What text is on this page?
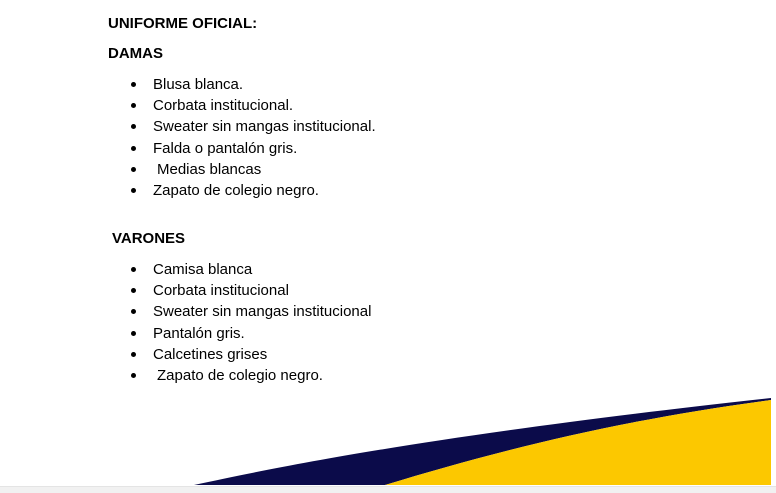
UNIFORME OFICIAL:
DAMAS
Blusa blanca.
Corbata institucional.
Sweater sin mangas institucional.
Falda o pantalón gris.
Medias blancas
Zapato de colegio negro.
VARONES
Camisa blanca
Corbata institucional
Sweater sin mangas institucional
Pantalón gris.
Calcetines grises
Zapato de colegio negro.
